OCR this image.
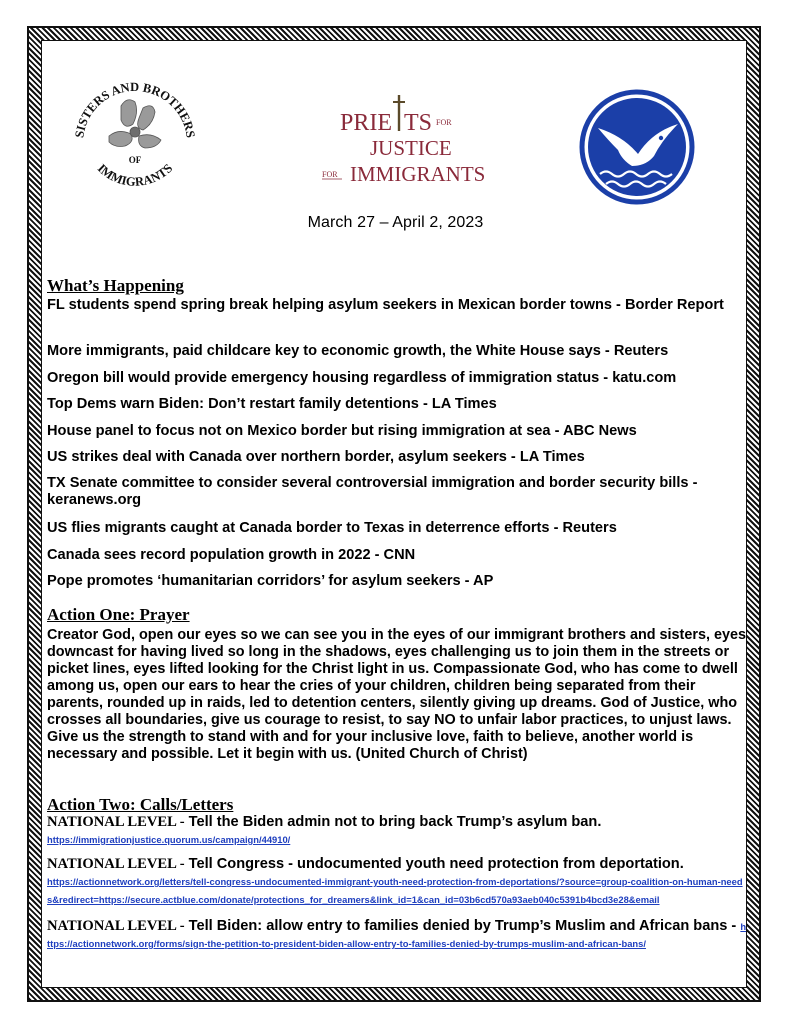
SISTERS AND BROTHERS
IMMIGRANTS
OF
PRIE TS FOR
JUSTICE
FOR IMMIGRANTS
March 27 – April 2, 2023
What’s Happening
FL students spend spring break helping asylum seekers in Mexican border towns - Border Report
More immigrants, paid childcare key to economic growth, the White House says - Reuters
Oregon bill would provide emergency housing regardless of immigration status - katu.com
Top Dems warn Biden: Don’t restart family detentions - LA Times
House panel to focus not on Mexico border but rising immigration at sea - ABC News
US strikes deal with Canada over northern border, asylum seekers - LA Times
TX Senate committee to consider several controversial immigration and border security bills - keranews.org
US flies migrants caught at Canada border to Texas in deterrence efforts - Reuters
Canada sees record population growth in 2022 - CNN
Pope promotes ‘humanitarian corridors’ for asylum seekers - AP
Action One: Prayer
Creator God, open our eyes so we can see you in the eyes of our immigrant brothers and sisters, eyes downcast for having lived so long in the shadows, eyes challenging us to join them in the streets or picket lines, eyes lifted looking for the Christ light in us. Compassionate God, who has come to dwell among us, open our ears to hear the cries of your children, children being separated from their parents, rounded up in raids, led to detention centers, silently giving up dreams. God of Justice, who crosses all boundaries, give us courage to resist, to say NO to unfair labor practices, to unjust laws. Give us the strength to stand with and for your inclusive love, faith to believe, another world is necessary and possible. Let it begin with us. (United Church of Christ)
Action Two: Calls/Letters
NATIONAL LEVEL - Tell the Biden admin not to bring back Trump’s asylum ban.
https://immigrationjustice.quorum.us/campaign/44910/
NATIONAL LEVEL - Tell Congress - undocumented youth need protection from deportation.
https://actionnetwork.org/letters/tell-congress-undocumented-immigrant-youth-need-protection-from-deportations/?source=group-coalition-on-human-needs&redirect=https://secure.actblue.com/donate/protections_for_dreamers&link_id=1&can_id=03b6cd570a93aeb040c5391b4bcd3e28&email
NATIONAL LEVEL - Tell Biden: allow entry to families denied by Trump’s Muslim and African bans - https://actionnetwork.org/forms/sign-the-petition-to-president-biden-allow-entry-to-families-denied-by-trumps-muslim-and-african-bans/
